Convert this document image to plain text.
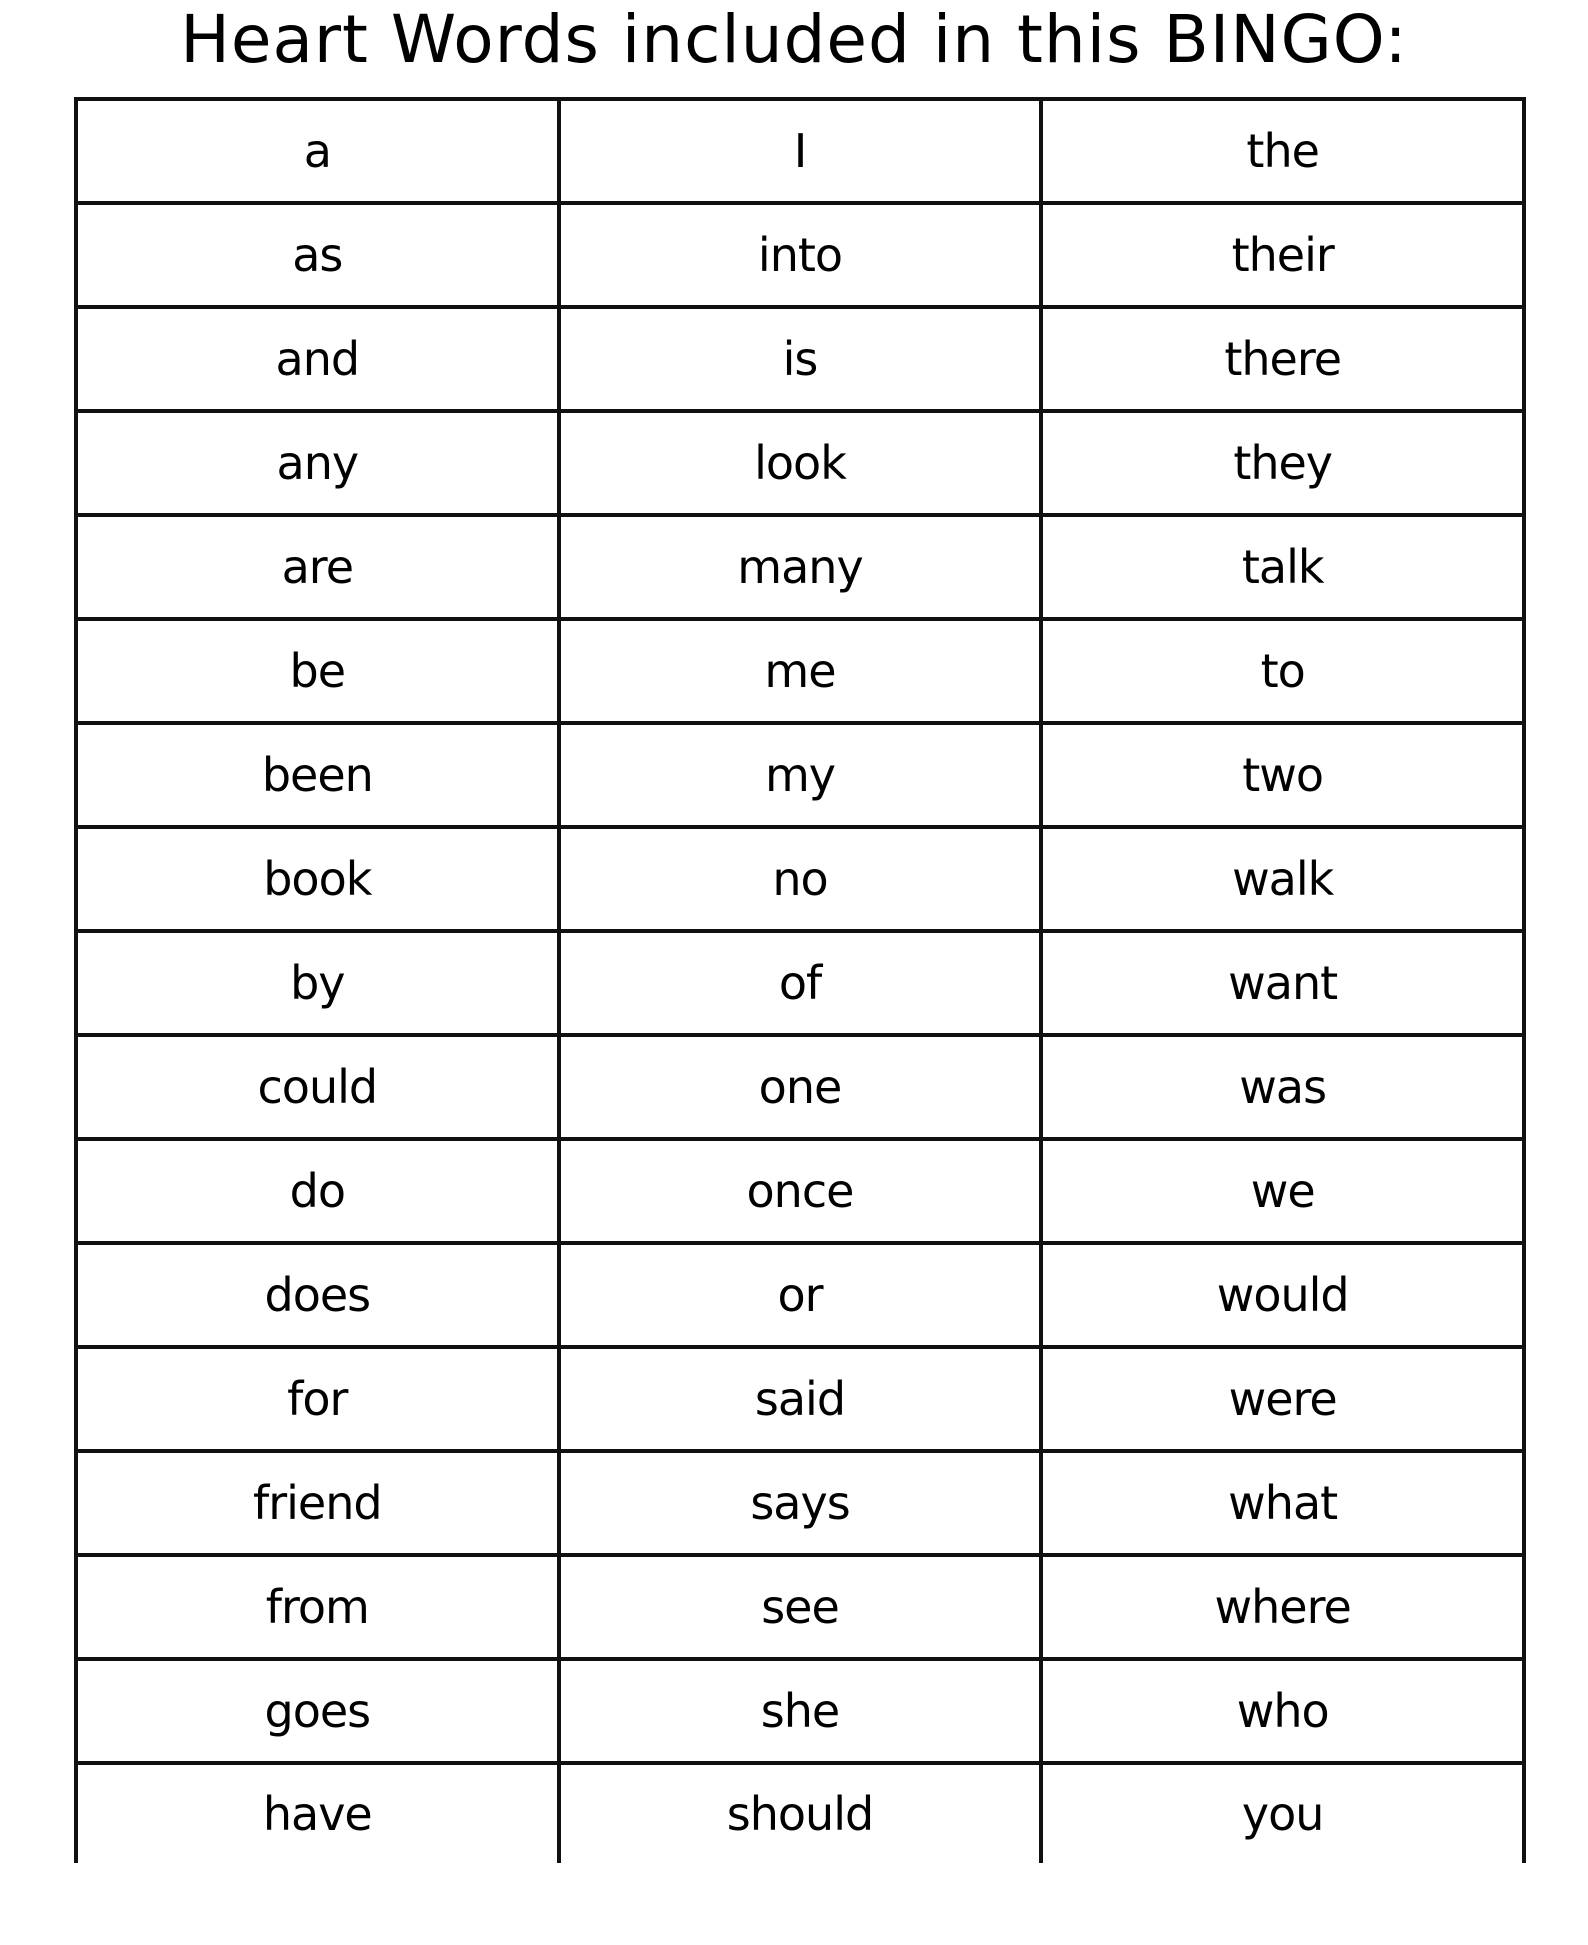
Heart Words included in this BINGO:
a	I	the
as	into	their
and	is	there
any	look	they
are	many	talk
be	me	to
been	my	two
book	no	walk
by	of	want
could	one	was
do	once	we
does	or	would
for	said	were
friend	says	what
from	see	where
goes	she	who
have	should	you
